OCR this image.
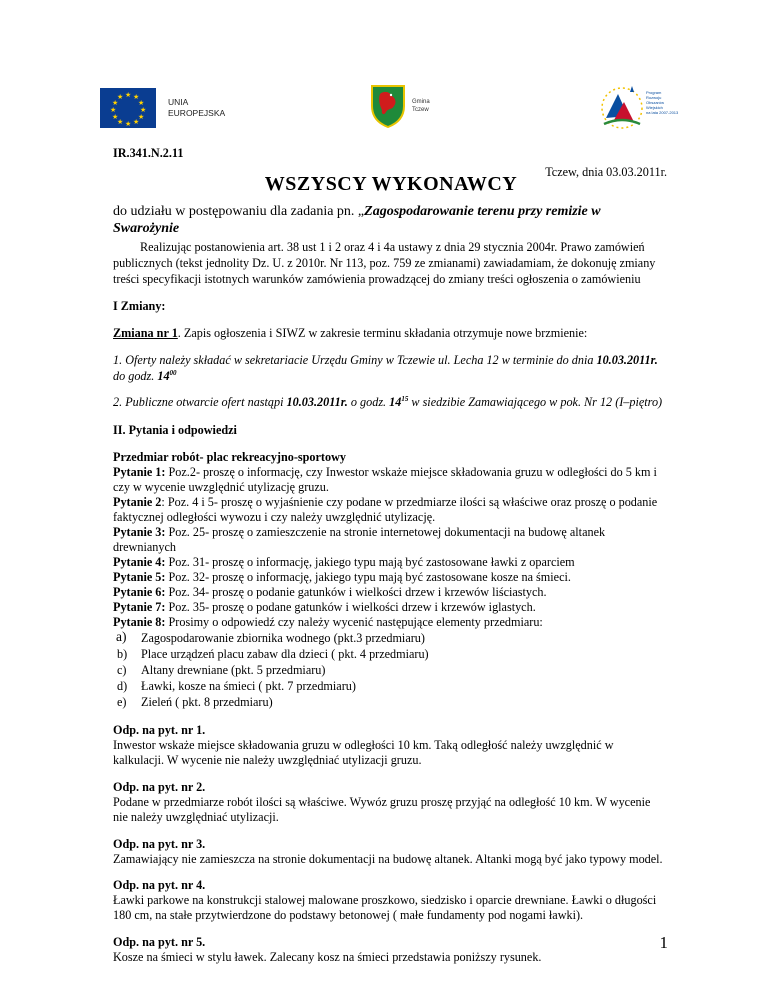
★ ★
★
★
★
★
★
★
★
★
★
★	UNIA
EUROPEJSKA
Gmina
Tczew
Program
Rozwoju
Obszarów
Wiejskich
na lata 2007-2013
IR.341.N.2.11
Tczew, dnia 03.03.2011r.
WSZYSCY WYKONAWCY
do udziału w postępowaniu dla zadania pn. „Zagospodarowanie terenu przy remizie w
Swarożynie
Realizując postanowienia art. 38 ust 1 i 2 oraz 4 i 4a ustawy z dnia 29 stycznia 2004r. Prawo zamówień
publicznych (tekst jednolity Dz. U. z 2010r. Nr 113, poz. 759 ze zmianami) zawiadamiam, że dokonuję zmiany
treści specyfikacji istotnych warunków zamówienia prowadzącej do zmiany treści ogłoszenia o zamówieniu
I Zmiany:
Zmiana nr 1. Zapis ogłoszenia i SIWZ w zakresie terminu składania otrzymuje nowe brzmienie:
1. Oferty należy składać w sekretariacie Urzędu Gminy w Tczewie ul. Lecha 12 w terminie do dnia 10.03.2011r.
do godz. $14^{00}$
2. Publiczne otwarcie ofert nastąpi 10.03.2011r. o godz. $14^{15}$ w siedzibie Zamawiającego w pok. Nr 12 (I–piętro)
II. Pytania i odpowiedzi
Przedmiar robót- plac rekreacyjno-sportowy
Pytanie 1: Poz.2- proszę o informację, czy Inwestor wskaże miejsce składowania gruzu w odległości do 5 km i
czy w wycenie uwzględnić utylizację gruzu.
Pytanie 2: Poz. 4 i 5- proszę o wyjaśnienie czy podane w przedmiarze ilości są właściwe oraz proszę o podanie
faktycznej odległości wywozu i czy należy uwzględnić utylizację.
Pytanie 3: Poz. 25- proszę o zamieszczenie na stronie internetowej dokumentacji na budowę altanek
drewnianych
Pytanie 4: Poz. 31- proszę o informację, jakiego typu mają być zastosowane ławki z oparciem
Pytanie 5: Poz. 32- proszę o informację, jakiego typu mają być zastosowane kosze na śmieci.
Pytanie 6: Poz. 34- proszę o podanie gatunków i wielkości drzew i krzewów liściastych.
Pytanie 7: Poz. 35- proszę o podane gatunków i wielkości drzew i krzewów iglastych.
Pytanie 8: Prosimy o odpowiedź czy należy wycenić następujące elementy przedmiaru:
a) Zagospodarowanie zbiornika wodnego (pkt.3 przedmiaru)
b) Place urządzeń placu zabaw dla dzieci ( pkt. 4 przedmiaru)
c) Altany drewniane (pkt. 5 przedmiaru)
d) Ławki, kosze na śmieci ( pkt. 7 przedmiaru)
e) Zieleń ( pkt. 8 przedmiaru)
Odp. na pyt. nr 1.
Inwestor wskaże miejsce składowania gruzu w odległości 10 km. Taką odległość należy uwzględnić w
kalkulacji. W wycenie nie należy uwzględniać utylizacji gruzu.
Odp. na pyt. nr 2.
Podane w przedmiarze robót ilości są właściwe. Wywóz gruzu proszę przyjąć na odległość 10 km. W wycenie
nie należy uwzględniać utylizacji.
Odp. na pyt. nr 3.
Zamawiający nie zamieszcza na stronie dokumentacji na budowę altanek. Altanki mogą być jako typowy model.
Odp. na pyt. nr 4.
Ławki parkowe na konstrukcji stalowej malowane proszkowo, siedzisko i oparcie drewniane. Ławki o długości
180 cm, na stałe przytwierdzone do podstawy betonowej ( małe fundamenty pod nogami ławki).
Odp. na pyt. nr 5.
Kosze na śmieci w stylu ławek. Zalecany kosz na śmieci przedstawia poniższy rysunek.
1
